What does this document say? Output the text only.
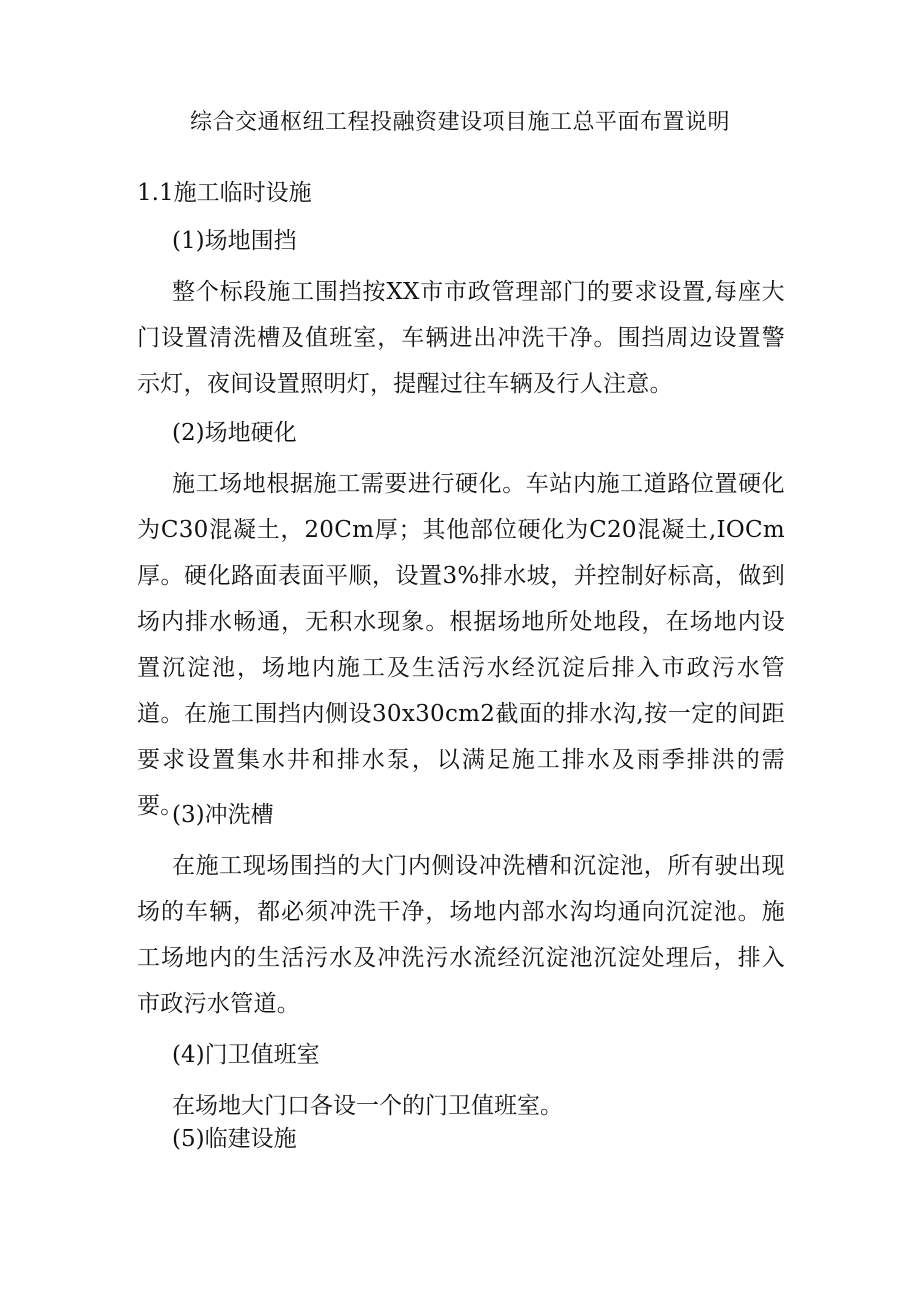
综合交通枢纽工程投融资建设项目施工总平面布置说明
1.1施工临时设施
(1)场地围挡
整个标段施工围挡按XX市市政管理部门的要求设置,每座大门设置清洗槽及值班室，车辆进出冲洗干净。围挡周边设置警示灯，夜间设置照明灯，提醒过往车辆及行人注意。
(2)场地硬化
施工场地根据施工需要进行硬化。车站内施工道路位置硬化为C30混凝土，20Cm厚；其他部位硬化为C20混凝土,IOCm厚。硬化路面表面平顺，设置3%排水坡，并控制好标高，做到场内排水畅通，无积水现象。根据场地所处地段，在场地内设置沉淀池，场地内施工及生活污水经沉淀后排入市政污水管道。在施工围挡内侧设30x30cm2截面的排水沟,按一定的间距要求设置集水井和排水泵，以满足施工排水及雨季排洪的需要。
(3)冲洗槽
在施工现场围挡的大门内侧设冲洗槽和沉淀池，所有驶出现场的车辆，都必须冲洗干净，场地内部水沟均通向沉淀池。施工场地内的生活污水及冲洗污水流经沉淀池沉淀处理后，排入市政污水管道。
(4)门卫值班室
在场地大门口各设一个的门卫值班室。
(5)临建设施
